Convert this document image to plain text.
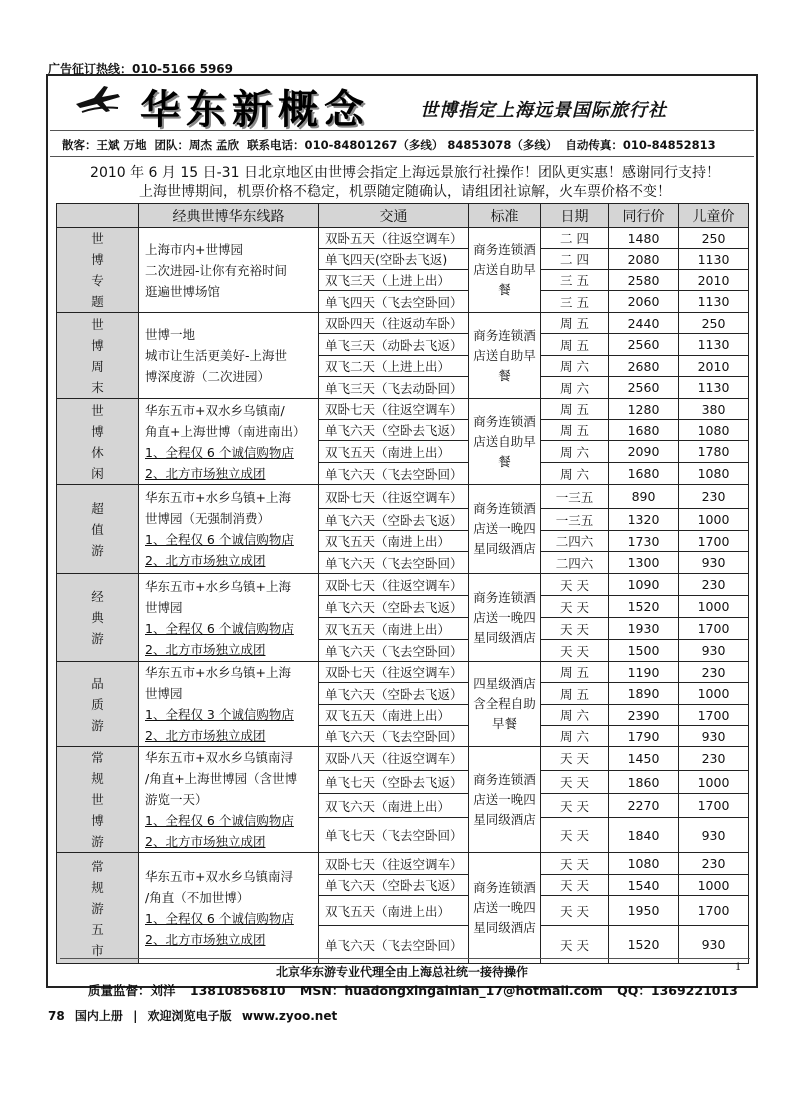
广告征订热线：010-5166 5969
华东新概念	世博指定上海远景国际旅行社
散客：王斌 万地 团队：周杰 孟欣 联系电话：010-84801267（多线） 84853078（多线） 自动传真：010-84852813
2010 年 6 月 15 日-31 日北京地区由世博会指定上海远景旅行社操作！团队更实惠！感谢同行支持！
上海世博期间，机票价格不稳定，机票随定随确认，请组团社谅解，火车票价格不变！
	经典世博华东线路	交通	标准	日期	同行价	儿童价
世博专题	上海市内+世博园
二次进园-让你有充裕时间
逛遍世博场馆	双卧五天（往返空调车）	商务连锁酒店送自助早餐	二 四	1480	250
		单飞四天(空卧去飞返)		二 四	2080	1130
		双飞三天（上进上出）		三 五	2580	2010
		单飞四天（飞去空卧回）		三 五	2060	1130
世博周末	世博一地
城市让生活更美好-上海世
博深度游（二次进园）	双卧四天（往返动车卧）	商务连锁酒店送自助早餐	周 五	2440	250
		单飞三天（动卧去飞返）		周 五	2560	1130
		双飞二天（上进上出）		周 六	2680	2010
		单飞三天（飞去动卧回）		周 六	2560	1130
世博休闲	华东五市+双水乡乌镇南/
角直+上海世博（南进南出）
1、全程仅 6 个诚信购物店
2、北方市场独立成团	双卧七天（往返空调车）	商务连锁酒店送自助早餐	周 五	1280	380
		单飞六天（空卧去飞返）		周 五	1680	1080
		双飞五天（南进上出）		周 六	2090	1780
		单飞六天（飞去空卧回）		周 六	1680	1080
超值游	华东五市+水乡乌镇+上海
世博园（无强制消费）
1、全程仅 6 个诚信购物店
2、北方市场独立成团	双卧七天（往返空调车）	商务连锁酒店送一晚四星同级酒店	一三五	890	230
		单飞六天（空卧去飞返）		一三五	1320	1000
		双飞五天（南进上出）		二四六	1730	1700
		单飞六天（飞去空卧回）		二四六	1300	930
经典游	华东五市+水乡乌镇+上海
世博园
1、全程仅 6 个诚信购物店
2、北方市场独立成团	双卧七天（往返空调车）	商务连锁酒店送一晚四星同级酒店	天 天	1090	230
		单飞六天（空卧去飞返）		天 天	1520	1000
		双飞五天（南进上出）		天 天	1930	1700
		单飞六天（飞去空卧回）		天 天	1500	930
品质游	华东五市+水乡乌镇+上海
世博园
1、全程仅 3 个诚信购物店
2、北方市场独立成团	双卧七天（往返空调车）	四星级酒店含全程自助早餐	周 五	1190	230
		单飞六天（空卧去飞返）		周 五	1890	1000
		双飞五天（南进上出）		周 六	2390	1700
		单飞六天（飞去空卧回）		周 六	1790	930
常规世博游	华东五市+双水乡乌镇南浔
/角直+上海世博园（含世博
游览一天）
1、全程仅 6 个诚信购物店
2、北方市场独立成团	双卧八天（往返空调车）	商务连锁酒店送一晚四星同级酒店	天 天	1450	230
		单飞七天（空卧去飞返）		天 天	1860	1000
		双飞六天（南进上出）		天 天	2270	1700
		单飞七天（飞去空卧回）		天 天	1840	930
常规游五市	华东五市+双水乡乌镇南浔
/角直（不加世博）
1、全程仅 6 个诚信购物店
2、北方市场独立成团	双卧七天（往返空调车）	商务连锁酒店送一晚四星同级酒店	天 天	1080	230
		单飞六天（空卧去飞返）		天 天	1540	1000
		双飞五天（南进上出）		天 天	1950	1700
		单飞六天（飞去空卧回）		天 天	1520	930
北京华东游专业代理全由上海总社统一接待操作	1
质量监督：刘洋 13810856810 MSN：huadongxingainian_17@hotmail.com QQ：1369221013
78 国内上册 | 欢迎浏览电子版 www.zyoo.net
